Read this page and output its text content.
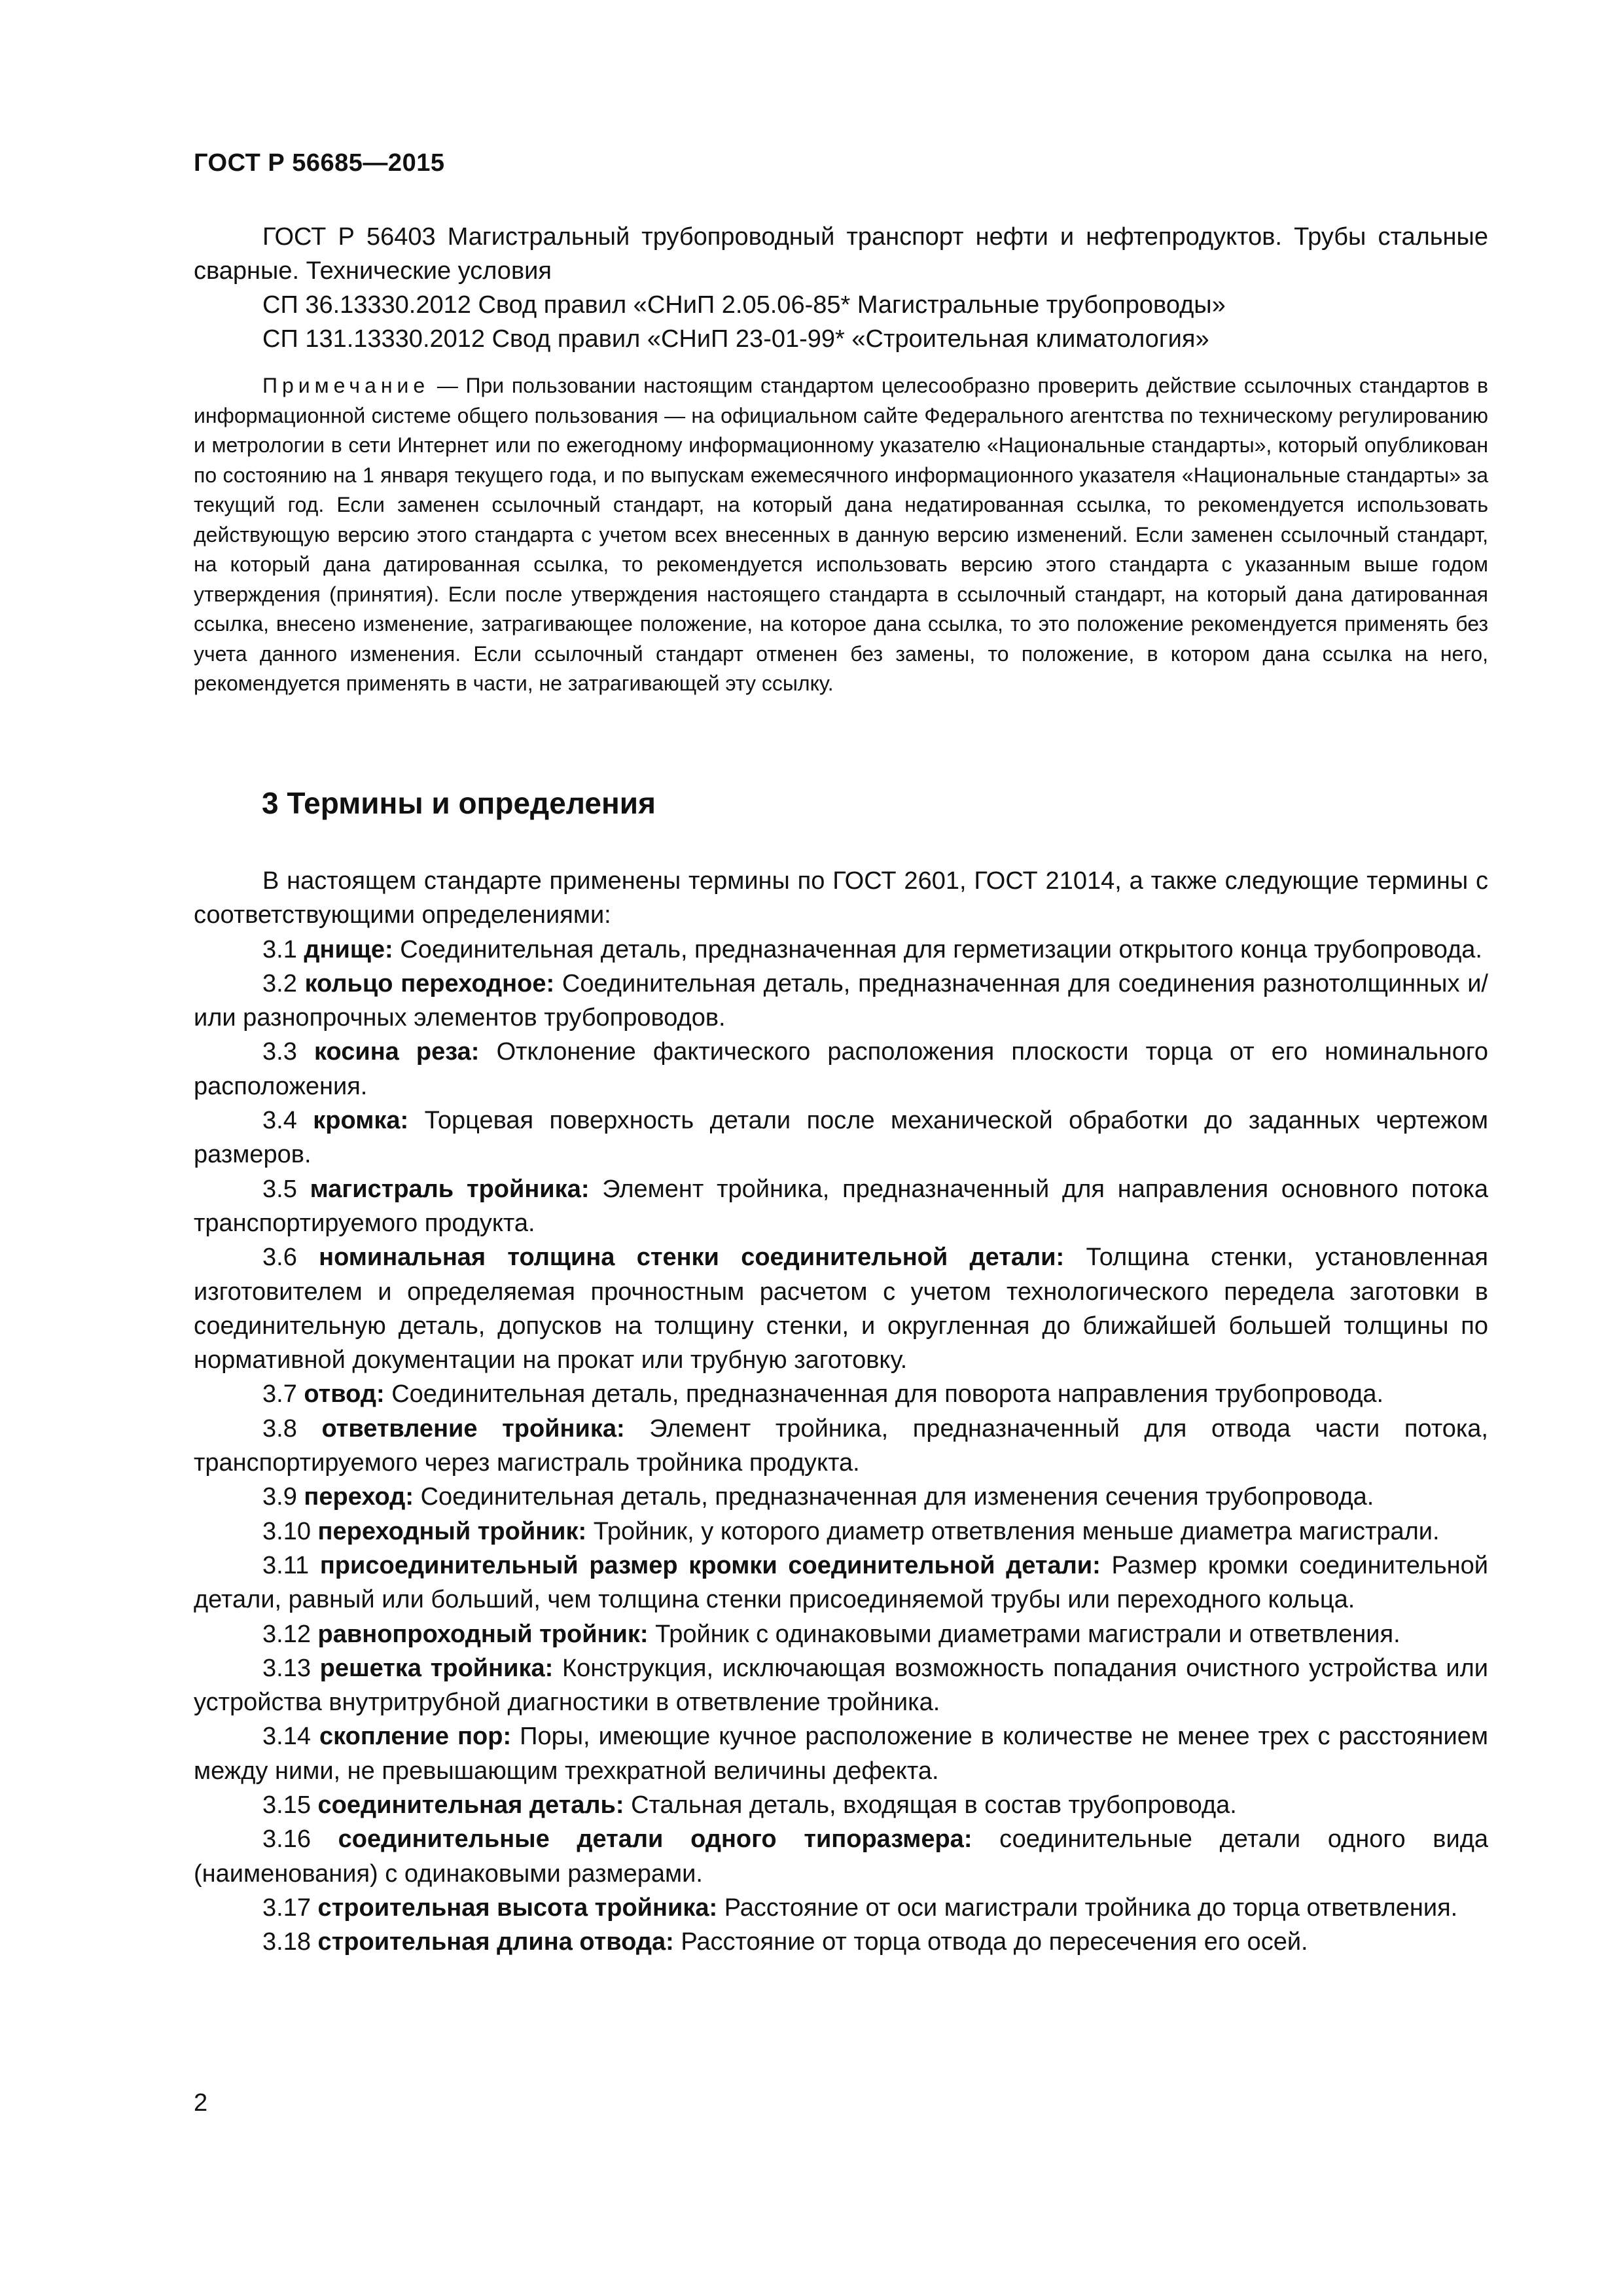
ГОСТ Р 56685—2015

ГОСТ Р 56403 Магистральный трубопроводный транспорт нефти и нефтепродуктов. Трубы стальные сварные. Технические условия

СП 36.13330.2012 Свод правил «СНиП 2.05.06-85* Магистральные трубопроводы»

СП 131.13330.2012 Свод правил «СНиП 23-01-99* «Строительная климатология»

Примечание — При пользовании настоящим стандартом целесообразно проверить действие ссылочных стандартов в информационной системе общего пользования — на официальном сайте Федерального агентства по техническому регулированию и метрологии в сети Интернет или по ежегодному информационному указателю «Национальные стандарты», который опубликован по состоянию на 1 января текущего года, и по выпускам ежемесячного информационного указателя «Национальные стандарты» за текущий год. Если заменен ссылочный стандарт, на который дана недатированная ссылка, то рекомендуется использовать действующую версию этого стандарта с учетом всех внесенных в данную версию изменений. Если заменен ссылочный стандарт, на который дана датированная ссылка, то рекомендуется использовать версию этого стандарта с указанным выше годом утверждения (принятия). Если после утверждения настоящего стандарта в ссылочный стандарт, на который дана датированная ссылка, внесено изменение, затрагивающее положение, на которое дана ссылка, то это положение рекомендуется применять без учета данного изменения. Если ссылочный стандарт отменен без замены, то положение, в котором дана ссылка на него, рекомендуется применять в части, не затрагивающей эту ссылку.

3 Термины и определения

В настоящем стандарте применены термины по ГОСТ 2601, ГОСТ 21014, а также следующие термины с соответствующими определениями:

3.1 днище: Соединительная деталь, предназначенная для герметизации открытого конца трубопровода.

3.2 кольцо переходное: Соединительная деталь, предназначенная для соединения разнотолщинных и/или разнопрочных элементов трубопроводов.

3.3 косина реза: Отклонение фактического расположения плоскости торца от его номинального расположения.

3.4 кромка: Торцевая поверхность детали после механической обработки до заданных чертежом размеров.

3.5 магистраль тройника: Элемент тройника, предназначенный для направления основного потока транспортируемого продукта.

3.6 номинальная толщина стенки соединительной детали: Толщина стенки, установленная изготовителем и определяемая прочностным расчетом с учетом технологического передела заготовки в соединительную деталь, допусков на толщину стенки, и округленная до ближайшей большей толщины по нормативной документации на прокат или трубную заготовку.

3.7 отвод: Соединительная деталь, предназначенная для поворота направления трубопровода.

3.8 ответвление тройника: Элемент тройника, предназначенный для отвода части потока, транспортируемого через магистраль тройника продукта.

3.9 переход: Соединительная деталь, предназначенная для изменения сечения трубопровода.

3.10 переходный тройник: Тройник, у которого диаметр ответвления меньше диаметра магистрали.

3.11 присоединительный размер кромки соединительной детали: Размер кромки соединительной детали, равный или больший, чем толщина стенки присоединяемой трубы или переходного кольца.

3.12 равнопроходный тройник: Тройник с одинаковыми диаметрами магистрали и ответвления.

3.13 решетка тройника: Конструкция, исключающая возможность попадания очистного устройства или устройства внутритрубной диагностики в ответвление тройника.

3.14 скопление пор: Поры, имеющие кучное расположение в количестве не менее трех с расстоянием между ними, не превышающим трехкратной величины дефекта.

3.15 соединительная деталь: Стальная деталь, входящая в состав трубопровода.

3.16 соединительные детали одного типоразмера: соединительные детали одного вида (наименования) с одинаковыми размерами.

3.17 строительная высота тройника: Расстояние от оси магистрали тройника до торца ответвления.

3.18 строительная длина отвода: Расстояние от торца отвода до пересечения его осей.

2
